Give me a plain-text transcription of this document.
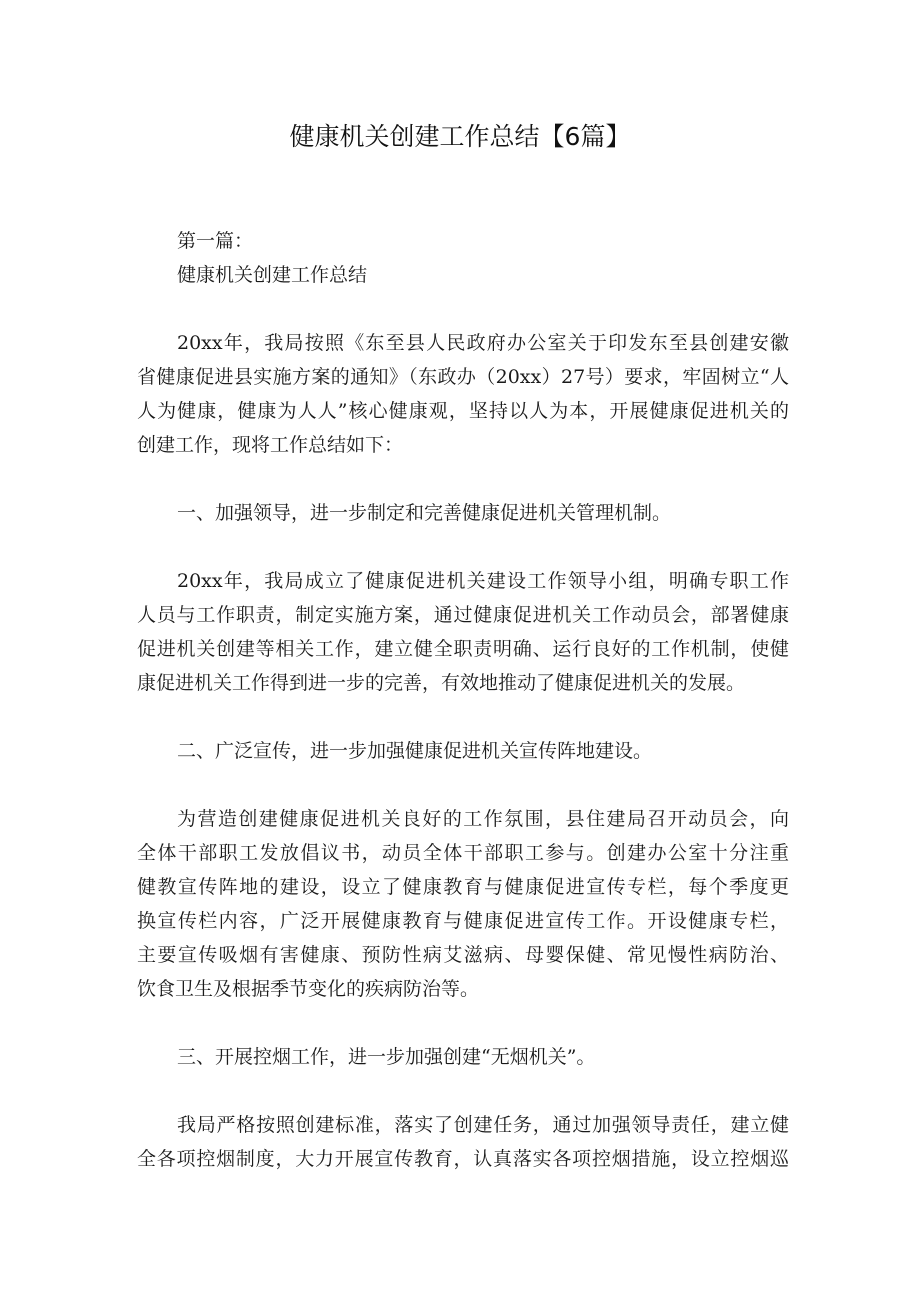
健康机关创建工作总结【6篇】
第一篇：
健康机关创建工作总结
20xx年，我局按照《东至县人民政府办公室关于印发东至县创建安徽
省健康促进县实施方案的通知》（东政办（20xx）27号）要求，牢固树立“人
人为健康，健康为人人”核心健康观，坚持以人为本，开展健康促进机关的
创建工作，现将工作总结如下：
一、加强领导，进一步制定和完善健康促进机关管理机制。
20xx年，我局成立了健康促进机关建设工作领导小组，明确专职工作
人员与工作职责，制定实施方案，通过健康促进机关工作动员会，部署健康
促进机关创建等相关工作，建立健全职责明确、运行良好的工作机制，使健
康促进机关工作得到进一步的完善，有效地推动了健康促进机关的发展。
二、广泛宣传，进一步加强健康促进机关宣传阵地建设。
为营造创建健康促进机关良好的工作氛围，县住建局召开动员会，向
全体干部职工发放倡议书，动员全体干部职工参与。创建办公室十分注重
健教宣传阵地的建设，设立了健康教育与健康促进宣传专栏，每个季度更
换宣传栏内容，广泛开展健康教育与健康促进宣传工作。开设健康专栏，
主要宣传吸烟有害健康、预防性病艾滋病、母婴保健、常见慢性病防治、
饮食卫生及根据季节变化的疾病防治等。
三、开展控烟工作，进一步加强创建“无烟机关”。
我局严格按照创建标准，落实了创建任务，通过加强领导责任，建立健
全各项控烟制度，大力开展宣传教育，认真落实各项控烟措施，设立控烟巡
